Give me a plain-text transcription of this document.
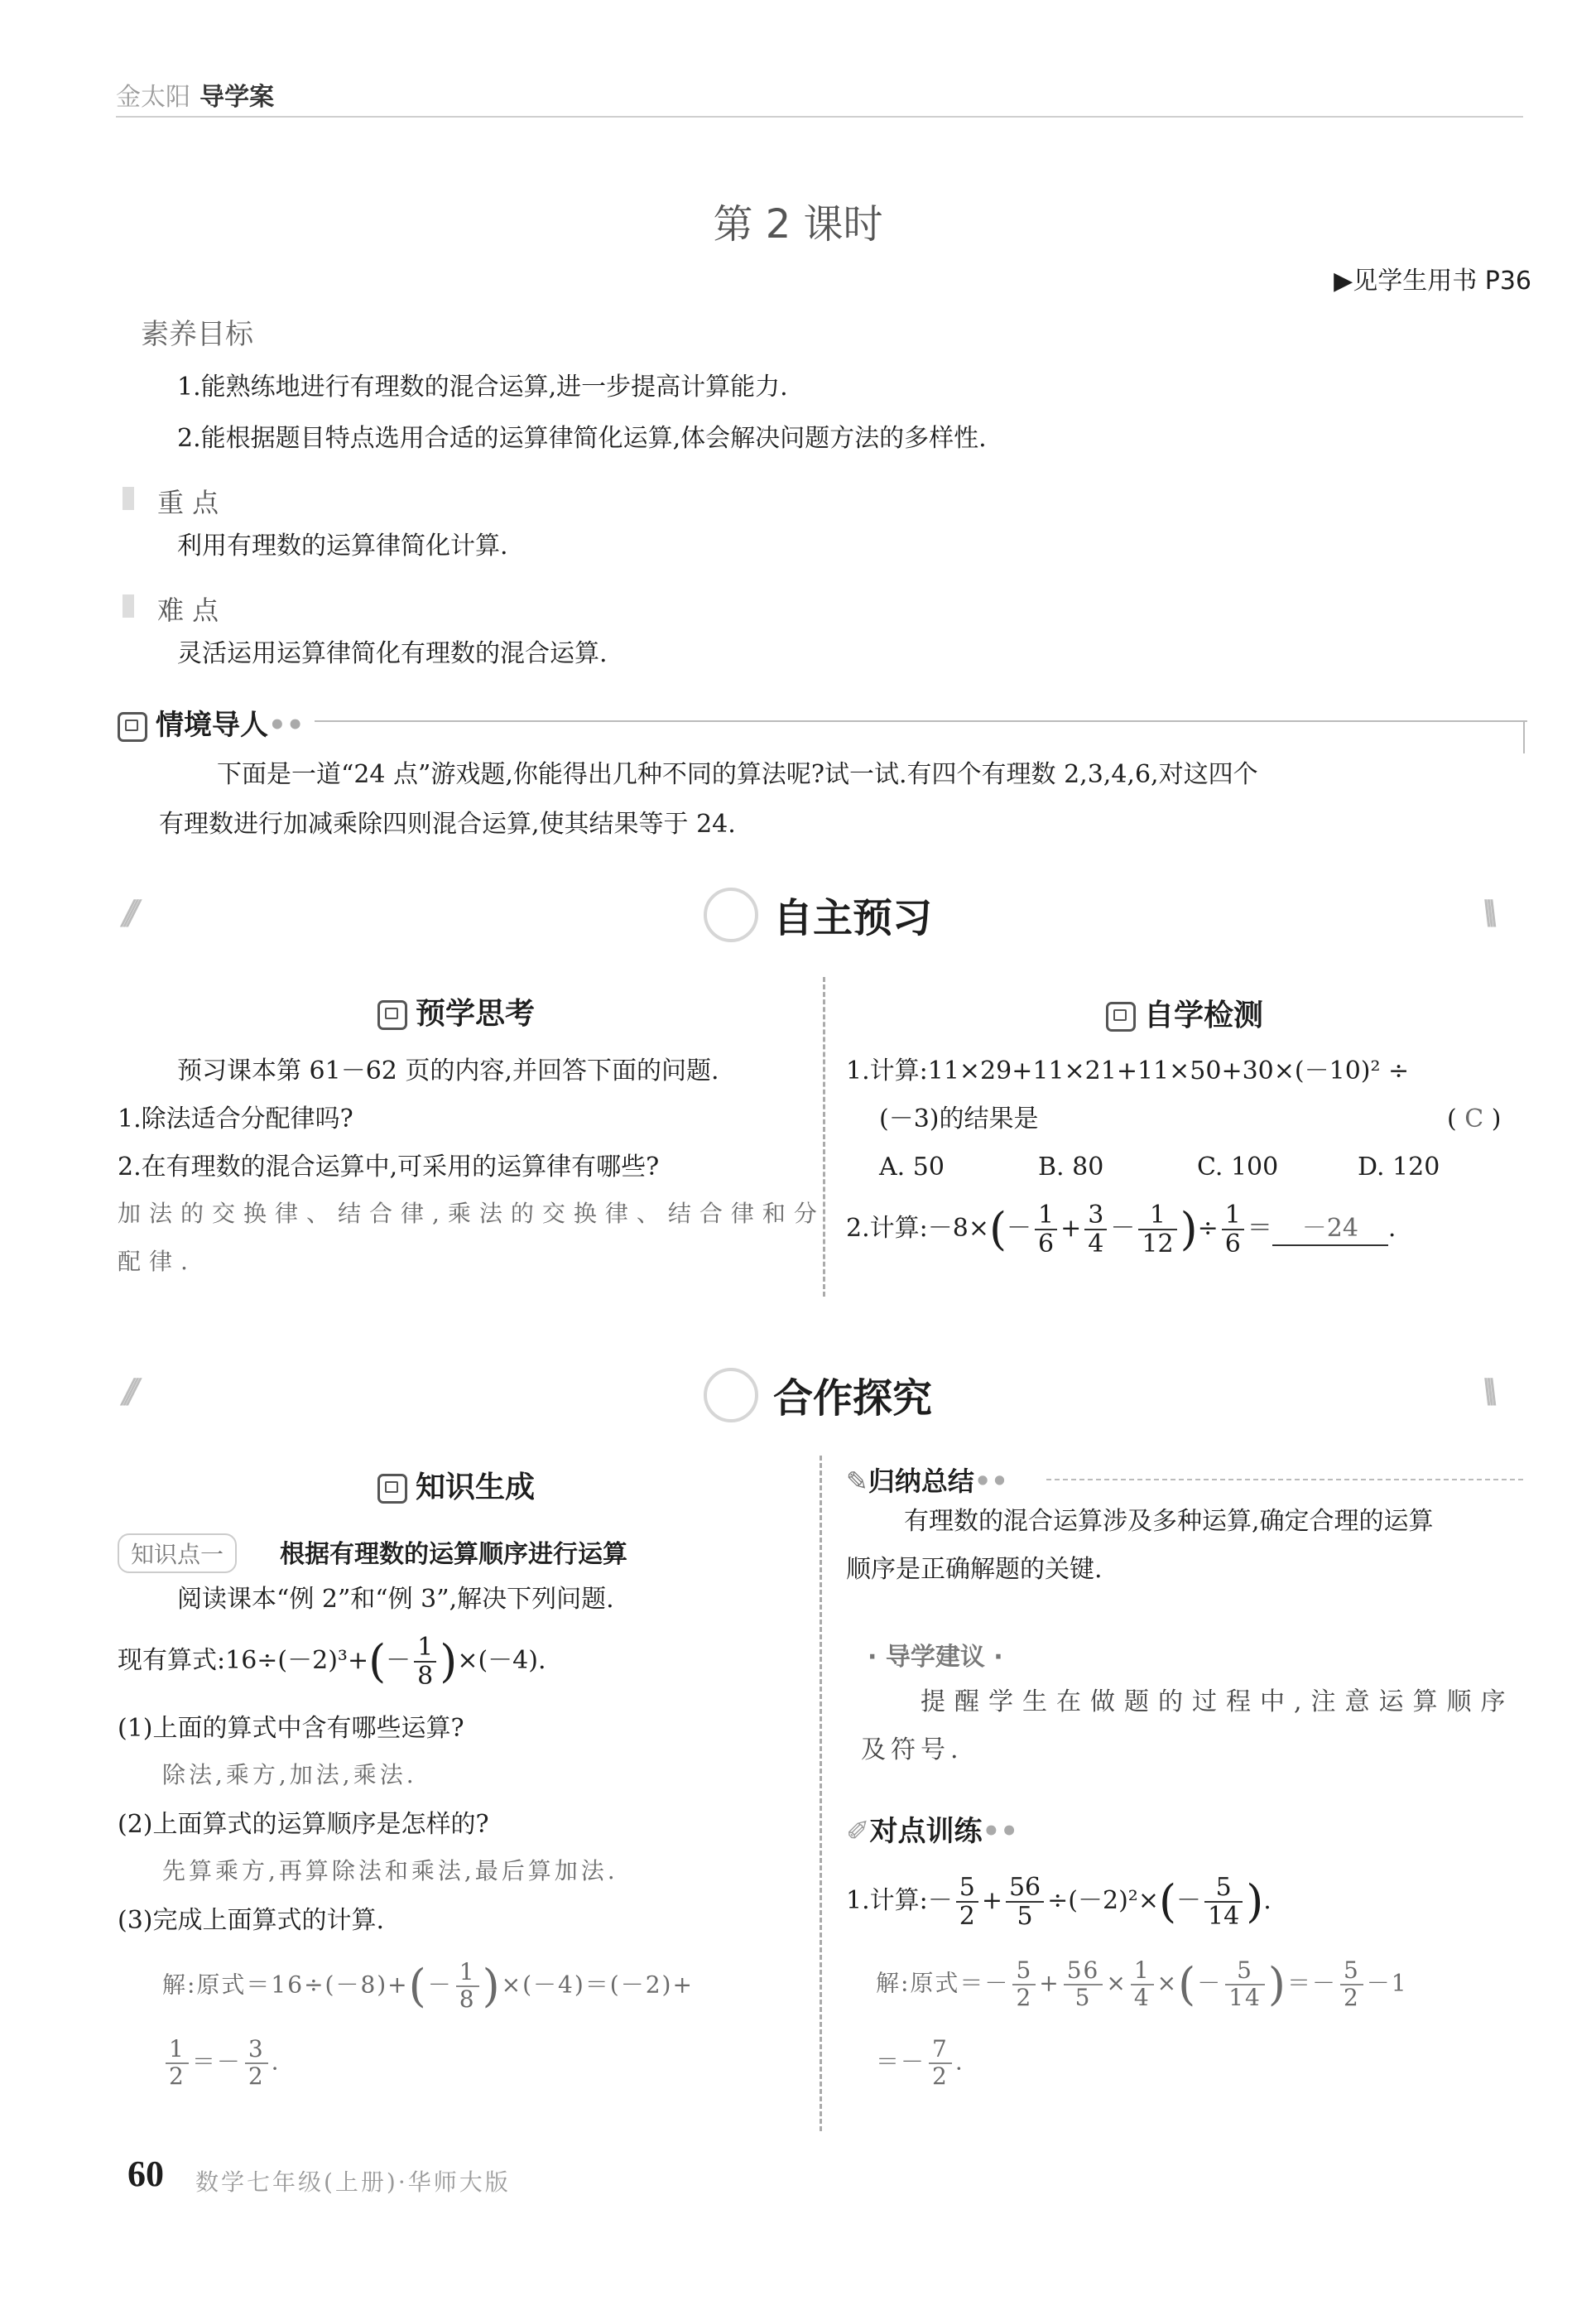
金太阳 导学案
第 2 课时
▶见学生用书 P36
素养目标
1.能熟练地进行有理数的混合运算,进一步提高计算能力.
2.能根据题目特点选用合适的运算律简化运算,体会解决问题方法的多样性.
重 点
利用有理数的运算律简化计算.
难 点
灵活运用运算律简化有理数的混合运算.
情境导人••
下面是一道“24 点”游戏题,你能得出几种不同的算法呢?试一试.有四个有理数 2,3,4,6,对这四个
有理数进行加减乘除四则混合运算,使其结果等于 24.
///	\\\
自主预习
预学思考
预习课本第 61－62 页的内容,并回答下面的问题.
1.除法适合分配律吗?
2.在有理数的混合运算中,可采用的运算律有哪些?
加法的交换律、结合律,乘法的交换律、结合律和分
配律.
自学检测
1.计算:11×29+11×21+11×50+30×(－10)² ÷
(－3)的结果是	( C )
A. 50	B. 80	C. 100	D. 120
2.计算:－8×(－ $\frac{1}{6} + \frac{3}{4} - \frac{1}{12}$ )÷ $\frac{1}{6} = -24$ .
///	\\\
合作探究
知识生成
知识点一	根据有理数的运算顺序进行运算
阅读课本“例 2”和“例 3”,解决下列问题.
现有算式:16÷(－2)³+(－ $\frac{1}{8} )\times(-4)$.
(1)上面的算式中含有哪些运算?
除法,乘方,加法,乘法.
(2)上面算式的运算顺序是怎样的?
先算乘方,再算除法和乘法,最后算加法.
(3)完成上面算式的计算.
解:原式$=16\div(-8)+(- \frac{1}{8} )\times(-4)=(-2)+$
$\frac{1}{2} =- \frac{3}{2}$ .
✎归纳总结••
有理数的混合运算涉及多种运算,确定合理的运算
顺序是正确解题的关键.
· 导学建议 ·
提醒学生在做题的过程中,注意运算顺序
及符号.
✐对点训练••
1.计算:－ $\frac{5}{2} + \frac{56}{5} \div(-2)^2\times(- \frac{5}{14}$ ).
解:原式＝－ $\frac{5}{2} + \frac{56}{5} \times \frac{1}{4}$ ×(－ $\frac{5}{14}$ )＝－ $\frac{5}{2} -1$
＝－ $\frac{7}{2}$ .
60 数学七年级(上册)·华师大版
